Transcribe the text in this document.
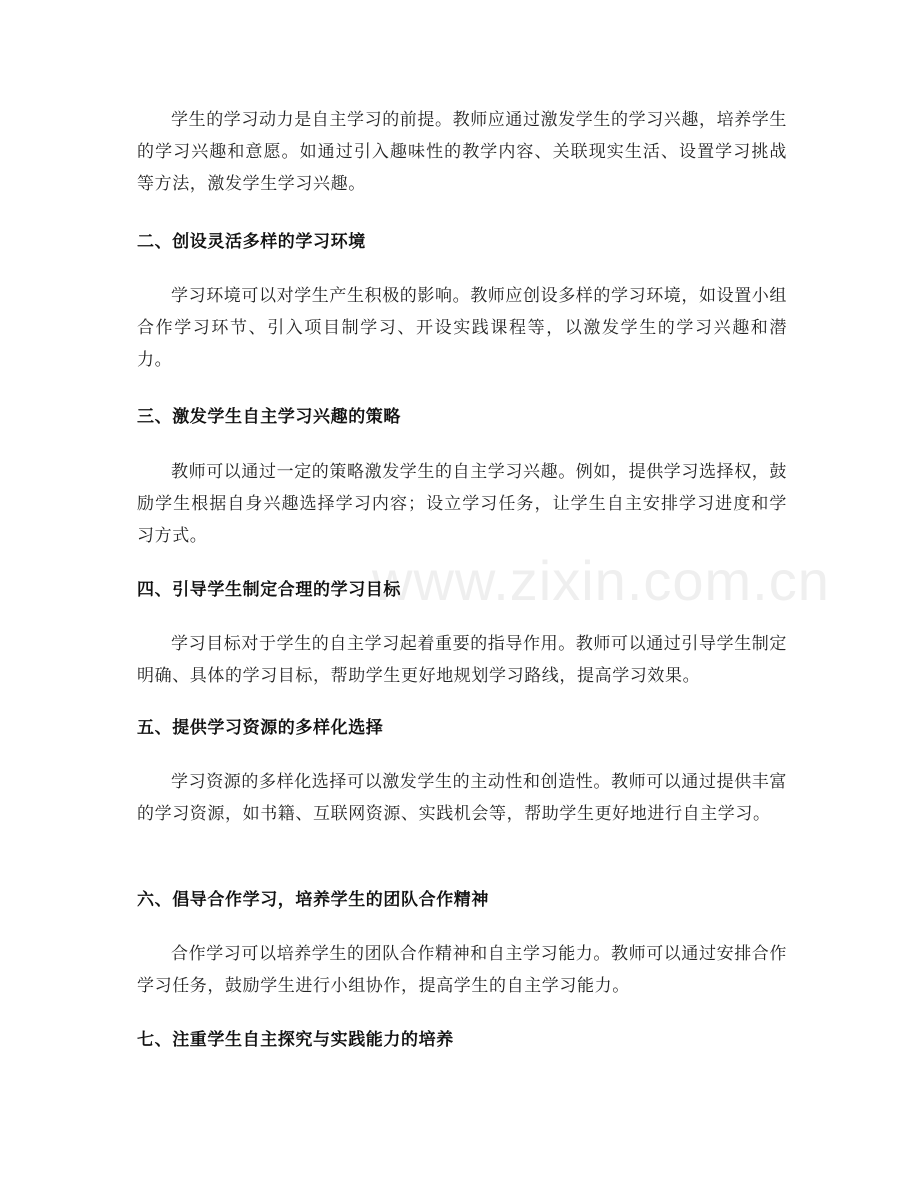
www.zixin.com.cn

学生的学习动力是自主学习的前提。教师应通过激发学生的学习兴趣，培养学生的学习兴趣和意愿。如通过引入趣味性的教学内容、关联现实生活、设置学习挑战等方法，激发学生学习兴趣。

二、创设灵活多样的学习环境

学习环境可以对学生产生积极的影响。教师应创设多样的学习环境，如设置小组合作学习环节、引入项目制学习、开设实践课程等，以激发学生的学习兴趣和潜力。

三、激发学生自主学习兴趣的策略

教师可以通过一定的策略激发学生的自主学习兴趣。例如，提供学习选择权，鼓励学生根据自身兴趣选择学习内容；设立学习任务，让学生自主安排学习进度和学习方式。

四、引导学生制定合理的学习目标

学习目标对于学生的自主学习起着重要的指导作用。教师可以通过引导学生制定明确、具体的学习目标，帮助学生更好地规划学习路线，提高学习效果。

五、提供学习资源的多样化选择

学习资源的多样化选择可以激发学生的主动性和创造性。教师可以通过提供丰富的学习资源，如书籍、互联网资源、实践机会等，帮助学生更好地进行自主学习。

六、倡导合作学习，培养学生的团队合作精神

合作学习可以培养学生的团队合作精神和自主学习能力。教师可以通过安排合作学习任务，鼓励学生进行小组协作，提高学生的自主学习能力。

七、注重学生自主探究与实践能力的培养
